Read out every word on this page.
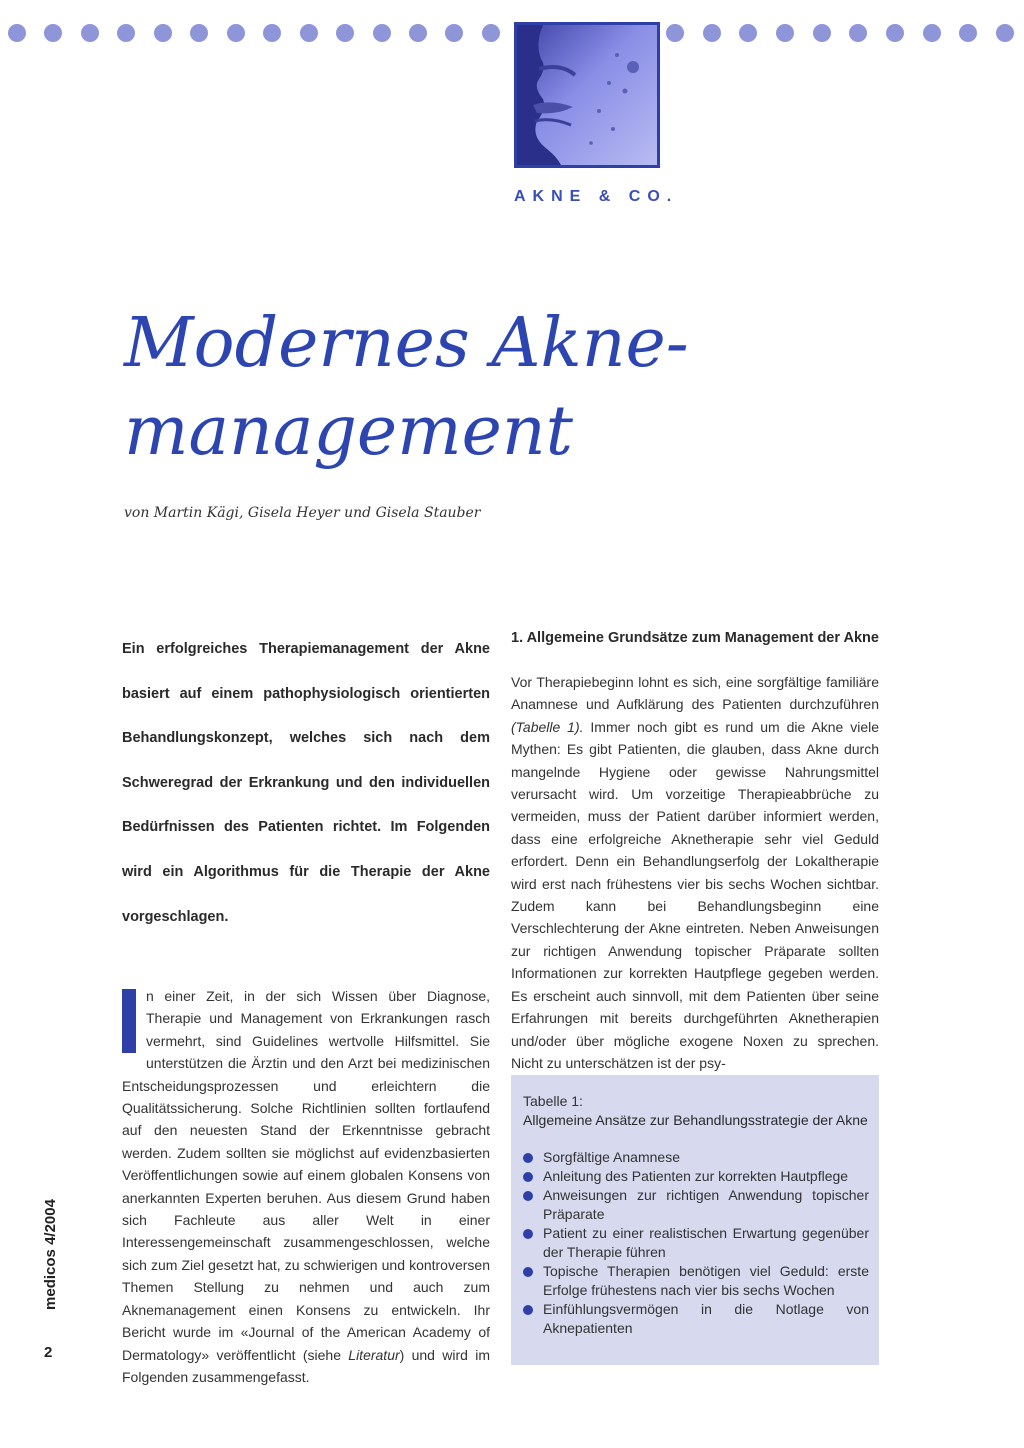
AKNE & CO.

Modernes Akne-
management

von Martin Kägi, Gisela Heyer und Gisela Stauber

Ein erfolgreiches Therapiemanagement der Akne basiert auf einem pathophysiologisch orientierten Behandlungskonzept, welches sich nach dem Schweregrad der Erkrankung und den individuellen Bedürfnissen des Patienten richtet. Im Folgenden wird ein Algorithmus für die Therapie der Akne vorgeschlagen.

n einer Zeit, in der sich Wissen über Diagnose, Therapie und Management von Erkrankungen rasch vermehrt, sind Guidelines wertvolle Hilfsmittel. Sie unterstützen die Ärztin und den Arzt bei medizinischen Entscheidungsprozessen und erleichtern die Qualitätssicherung. Solche Richtlinien sollten fortlaufend auf den neuesten Stand der Erkenntnisse gebracht werden. Zudem sollten sie möglichst auf evidenzbasierten Veröffentlichungen sowie auf einem globalen Konsens von anerkannten Experten beruhen. Aus diesem Grund haben sich Fachleute aus aller Welt in einer Interessengemeinschaft zusammengeschlossen, welche sich zum Ziel gesetzt hat, zu schwierigen und kontroversen Themen Stellung zu nehmen und auch zum Aknemanagement einen Konsens zu entwickeln. Ihr Bericht wurde im «Journal of the American Academy of Dermatology» veröffentlicht (siehe Literatur) und wird im Folgenden zusammengefasst.

1. Allgemeine Grundsätze zum Management der Akne

Vor Therapiebeginn lohnt es sich, eine sorgfältige familiäre Anamnese und Aufklärung des Patienten durchzuführen (Tabelle 1). Immer noch gibt es rund um die Akne viele Mythen: Es gibt Patienten, die glauben, dass Akne durch mangelnde Hygiene oder gewisse Nahrungsmittel verursacht wird. Um vorzeitige Therapieabbrüche zu vermeiden, muss der Patient darüber informiert werden, dass eine erfolgreiche Aknetherapie sehr viel Geduld erfordert. Denn ein Behandlungserfolg der Lokaltherapie wird erst nach frühestens vier bis sechs Wochen sichtbar. Zudem kann bei Behandlungsbeginn eine Verschlechterung der Akne eintreten. Neben Anweisungen zur richtigen Anwendung topischer Präparate sollten Informationen zur korrekten Hautpflege gegeben werden. Es erscheint auch sinnvoll, mit dem Patienten über seine Erfahrungen mit bereits durchgeführten Aknetherapien und/oder über mögliche exogene Noxen zu sprechen. Nicht zu unterschätzen ist der psy-

Tabelle 1:
Allgemeine Ansätze zur Behandlungsstrategie der Akne
Sorgfältige Anamnese
Anleitung des Patienten zur korrekten Hautpflege
Anweisungen zur richtigen Anwendung topischer Präparate
Patient zu einer realistischen Erwartung gegenüber der Therapie führen
Topische Therapien benötigen viel Geduld: erste Erfolge frühestens nach vier bis sechs Wochen
Einfühlungsvermögen in die Notlage von Aknepatienten
medicos 4/2004

2
